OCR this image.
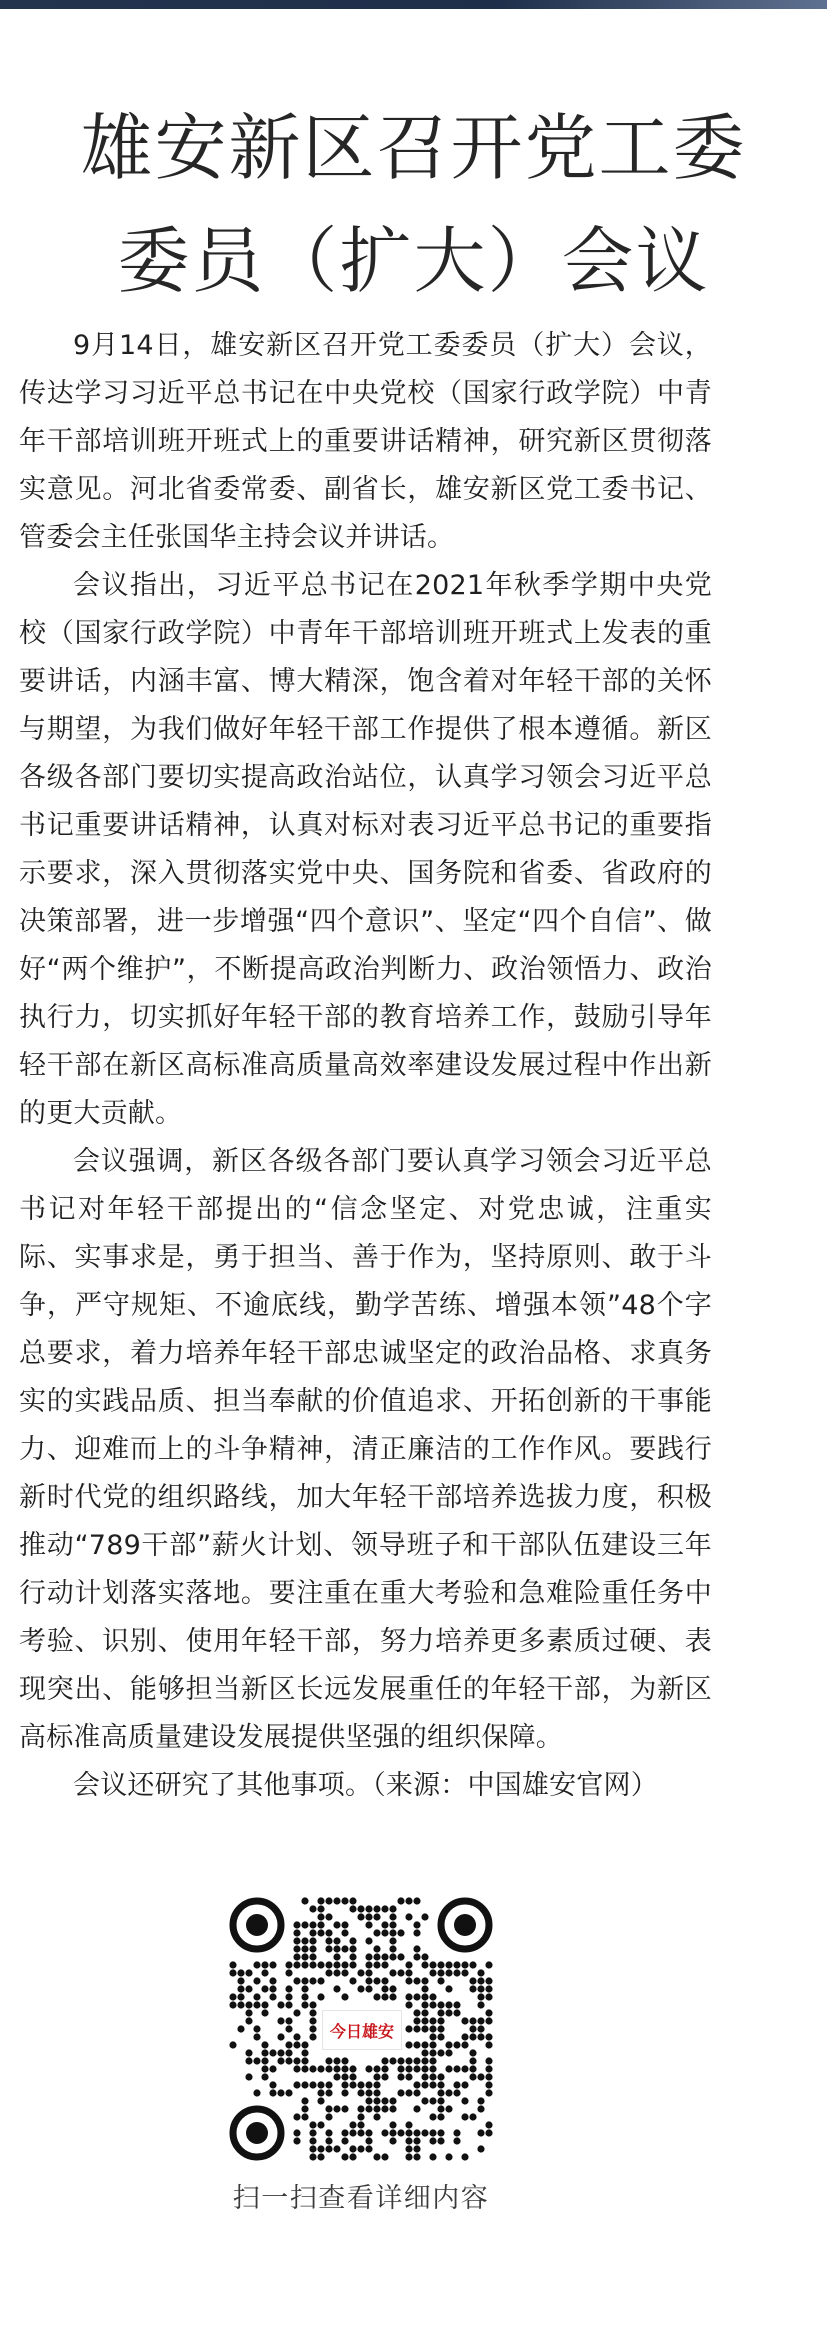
雄安新区召开党工委
委员（扩大）会议

9月14日，雄安新区召开党工委委员（扩大）会议，传达学习习近平总书记在中央党校（国家行政学院）中青年干部培训班开班式上的重要讲话精神，研究新区贯彻落实意见。河北省委常委、副省长，雄安新区党工委书记、管委会主任张国华主持会议并讲话。

会议指出，习近平总书记在2021年秋季学期中央党校（国家行政学院）中青年干部培训班开班式上发表的重要讲话，内涵丰富、博大精深，饱含着对年轻干部的关怀与期望，为我们做好年轻干部工作提供了根本遵循。新区各级各部门要切实提高政治站位，认真学习领会习近平总书记重要讲话精神，认真对标对表习近平总书记的重要指示要求，深入贯彻落实党中央、国务院和省委、省政府的决策部署，进一步增强“四个意识”、坚定“四个自信”、做好“两个维护”，不断提高政治判断力、政治领悟力、政治执行力，切实抓好年轻干部的教育培养工作，鼓励引导年轻干部在新区高标准高质量高效率建设发展过程中作出新的更大贡献。

会议强调，新区各级各部门要认真学习领会习近平总书记对年轻干部提出的“信念坚定、对党忠诚，注重实际、实事求是，勇于担当、善于作为，坚持原则、敢于斗争，严守规矩、不逾底线，勤学苦练、增强本领”48个字总要求，着力培养年轻干部忠诚坚定的政治品格、求真务实的实践品质、担当奉献的价值追求、开拓创新的干事能力、迎难而上的斗争精神，清正廉洁的工作作风。要践行新时代党的组织路线，加大年轻干部培养选拔力度，积极推动“789干部”薪火计划、领导班子和干部队伍建设三年行动计划落实落地。要注重在重大考验和急难险重任务中考验、识别、使用年轻干部，努力培养更多素质过硬、表现突出、能够担当新区长远发展重任的年轻干部，为新区高标准高质量建设发展提供坚强的组织保障。

会议还研究了其他事项。（来源：中国雄安官网）

今日雄安
扫一扫查看详细内容
